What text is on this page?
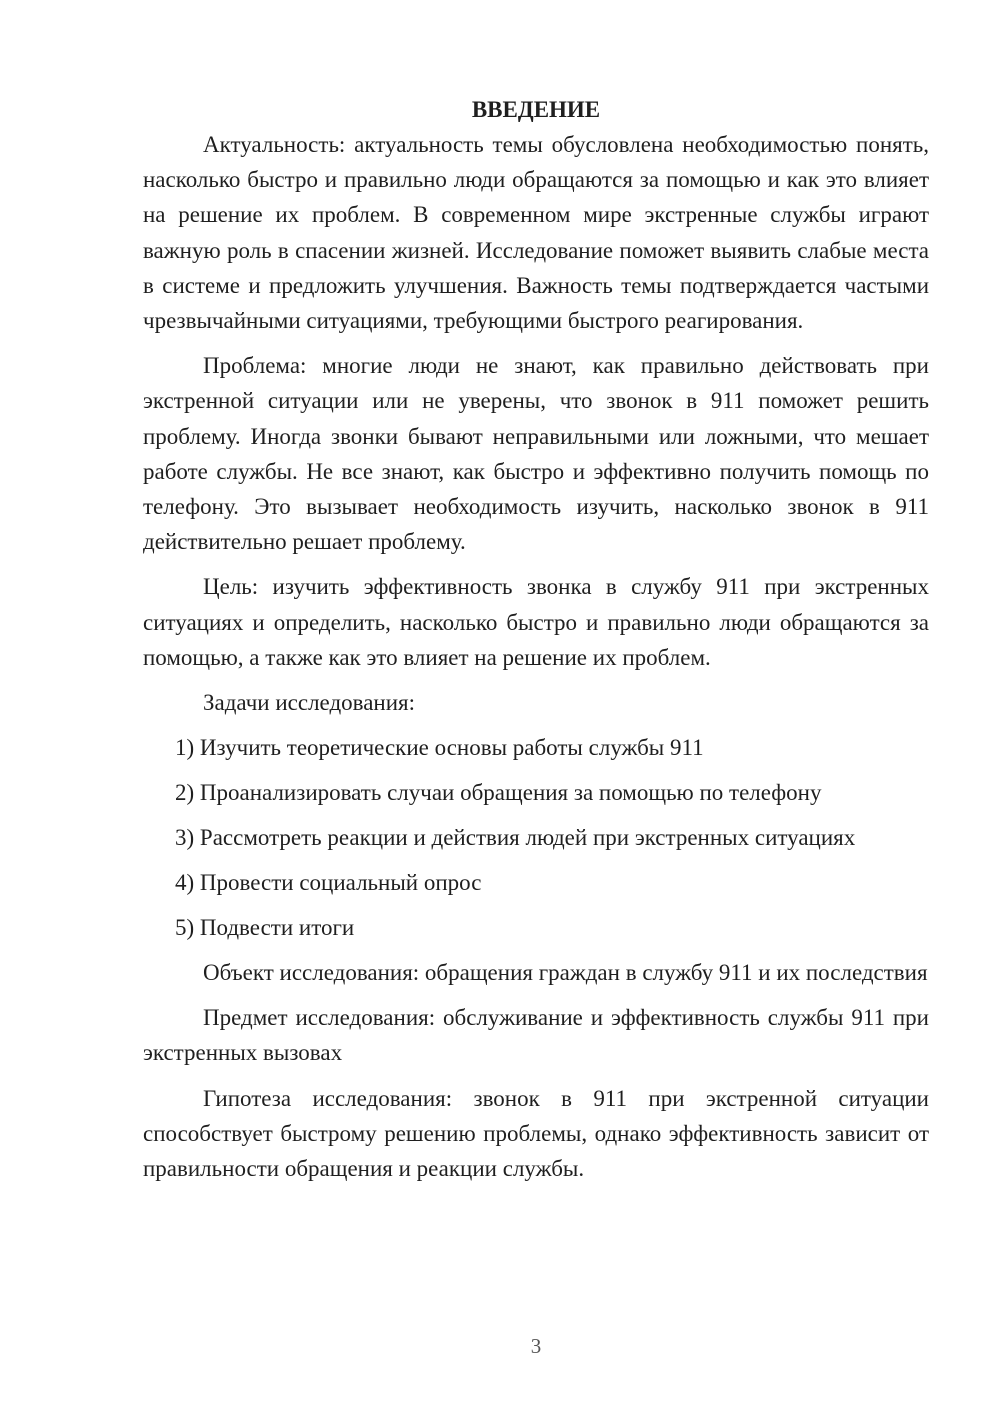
ВВЕДЕНИЕ

Актуальность: актуальность темы обусловлена необходимостью понять, насколько быстро и правильно люди обращаются за помощью и как это влияет на решение их проблем. В современном мире экстренные службы играют важную роль в спасении жизней. Исследование поможет выявить слабые места в системе и предложить улучшения. Важность темы подтверждается частыми чрезвычайными ситуациями, требующими быстрого реагирования.

Проблема: многие люди не знают, как правильно действовать при экстренной ситуации или не уверены, что звонок в 911 поможет решить проблему. Иногда звонки бывают неправильными или ложными, что мешает работе службы. Не все знают, как быстро и эффективно получить помощь по телефону. Это вызывает необходимость изучить, насколько звонок в 911 действительно решает проблему.

Цель: изучить эффективность звонка в службу 911 при экстренных ситуациях и определить, насколько быстро и правильно люди обращаются за помощью, а также как это влияет на решение их проблем.

Задачи исследования:

1) Изучить теоретические основы работы службы 911
2) Проанализировать случаи обращения за помощью по телефону
3) Рассмотреть реакции и действия людей при экстренных ситуациях
4) Провести социальный опрос
5) Подвести итоги

Объект исследования: обращения граждан в службу 911 и их последствия

Предмет исследования: обслуживание и эффективность службы 911 при экстренных вызовах

Гипотеза исследования: звонок в 911 при экстренной ситуации способствует быстрому решению проблемы, однако эффективность зависит от правильности обращения и реакции службы.

3
